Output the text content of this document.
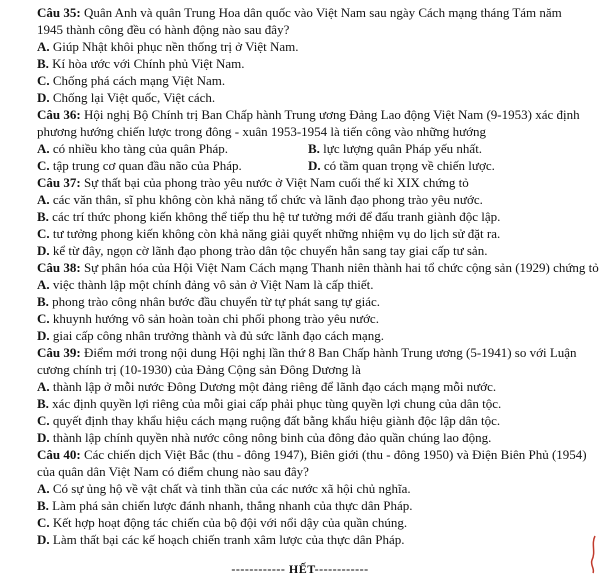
Câu 35: Quân Anh và quân Trung Hoa dân quốc vào Việt Nam sau ngày Cách mạng tháng Tám năm
1945 thành công đều có hành động nào sau đây?
A. Giúp Nhật khôi phục nền thống trị ở Việt Nam.
B. Kí hòa ước với Chính phủ Việt Nam.
C. Chống phá cách mạng Việt Nam.
D. Chống lại Việt quốc, Việt cách.
Câu 36: Hội nghị Bộ Chính trị Ban Chấp hành Trung ương Đảng Lao động Việt Nam (9-1953) xác định
phương hướng chiến lược trong đông - xuân 1953-1954 là tiến công vào những hướng
A. có nhiều kho tàng của quân Pháp.	B. lực lượng quân Pháp yếu nhất.
C. tập trung cơ quan đầu não của Pháp.	D. có tầm quan trọng về chiến lược.
Câu 37: Sự thất bại của phong trào yêu nước ở Việt Nam cuối thế kỉ XIX chứng tỏ
A. các văn thân, sĩ phu không còn khả năng tổ chức và lãnh đạo phong trào yêu nước.
B. các trí thức phong kiến không thể tiếp thu hệ tư tưởng mới để đấu tranh giành độc lập.
C. tư tưởng phong kiến không còn khả năng giải quyết những nhiệm vụ do lịch sử đặt ra.
D. kể từ đây, ngọn cờ lãnh đạo phong trào dân tộc chuyển hẳn sang tay giai cấp tư sản.
Câu 38: Sự phân hóa của Hội Việt Nam Cách mạng Thanh niên thành hai tổ chức cộng sản (1929) chứng tỏ
A. việc thành lập một chính đảng vô sản ở Việt Nam là cấp thiết.
B. phong trào công nhân bước đầu chuyển từ tự phát sang tự giác.
C. khuynh hướng vô sản hoàn toàn chi phối phong trào yêu nước.
D. giai cấp công nhân trưởng thành và đủ sức lãnh đạo cách mạng.
Câu 39: Điểm mới trong nội dung Hội nghị lần thứ 8 Ban Chấp hành Trung ương (5-1941) so với Luận
cương chính trị (10-1930) của Đảng Cộng sản Đông Dương là
A. thành lập ở mỗi nước Đông Dương một đảng riêng để lãnh đạo cách mạng mỗi nước.
B. xác định quyền lợi riêng của mỗi giai cấp phải phục tùng quyền lợi chung của dân tộc.
C. quyết định thay khẩu hiệu cách mạng ruộng đất bằng khẩu hiệu giành độc lập dân tộc.
D. thành lập chính quyền nhà nước công nông binh của đông đảo quần chúng lao động.
Câu 40: Các chiến dịch Việt Bắc (thu - đông 1947), Biên giới (thu - đông 1950) và Điện Biên Phủ (1954)
của quân dân Việt Nam có điểm chung nào sau đây?
A. Có sự ủng hộ về vật chất và tinh thần của các nước xã hội chủ nghĩa.
B. Làm phá sản chiến lược đánh nhanh, thắng nhanh của thực dân Pháp.
C. Kết hợp hoạt động tác chiến của bộ đội với nổi dậy của quần chúng.
D. Làm thất bại các kế hoạch chiến tranh xâm lược của thực dân Pháp.
------------ HẾT------------
